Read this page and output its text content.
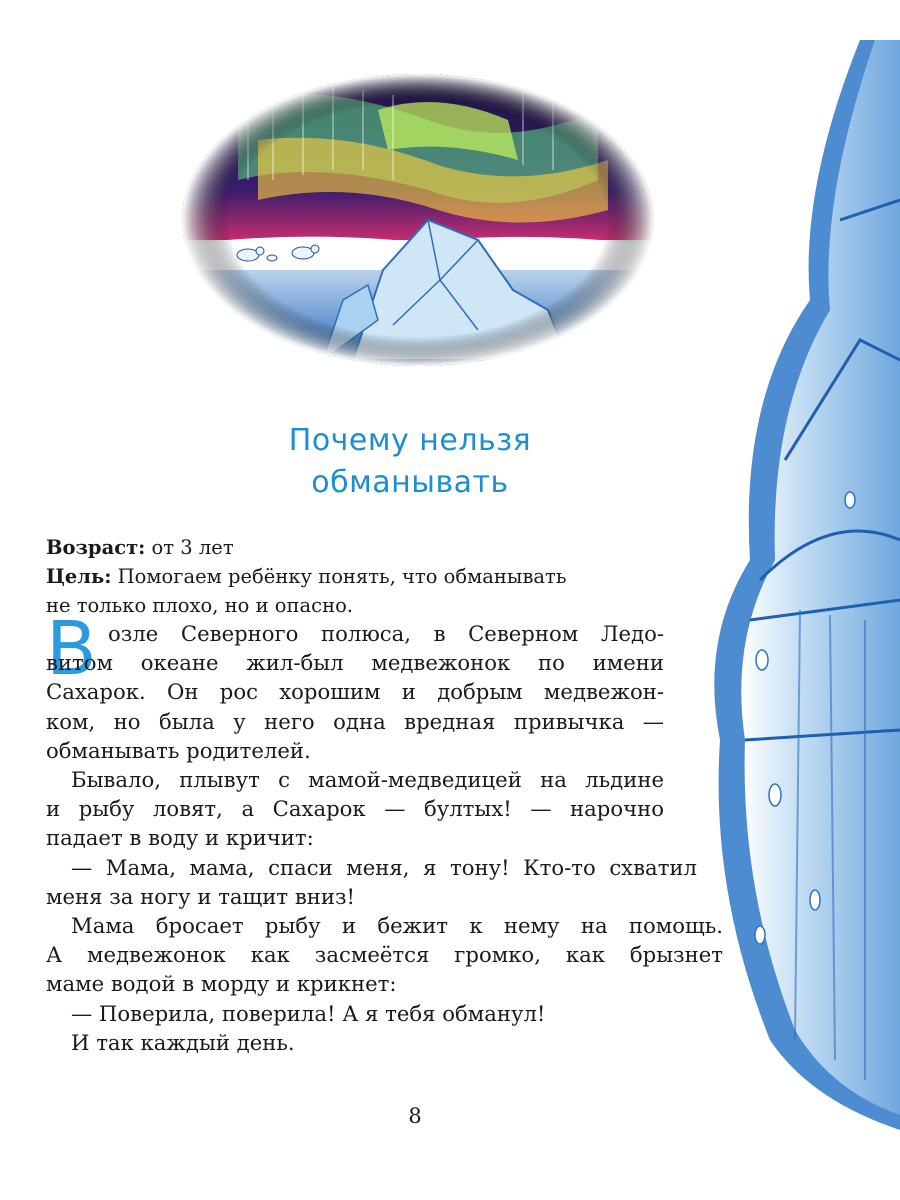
Почему нельзя
обманывать
Возраст: от 3 лет
Цель: Помогаем ребёнку понять, что обманывать
не только плохо, но и опасно.
В озле Северного полюса, в Северном Ледо-
витом океане жил-был медвежонок по имени
Сахарок. Он рос хорошим и добрым медвежон-
ком, но была у него одна вредная привычка —
обманывать родителей.
Бывало, плывут с мамой-медведицей на льдине
и рыбу ловят, а Сахарок — бултых! — нарочно
падает в воду и кричит:
— Мама, мама, спаси меня, я тону! Кто-то схватил
меня за ногу и тащит вниз!
Мама бросает рыбу и бежит к нему на помощь.
А медвежонок как засмеётся громко, как брызнет
маме водой в морду и крикнет:
— Поверила, поверила! А я тебя обманул!
И так каждый день.
8
